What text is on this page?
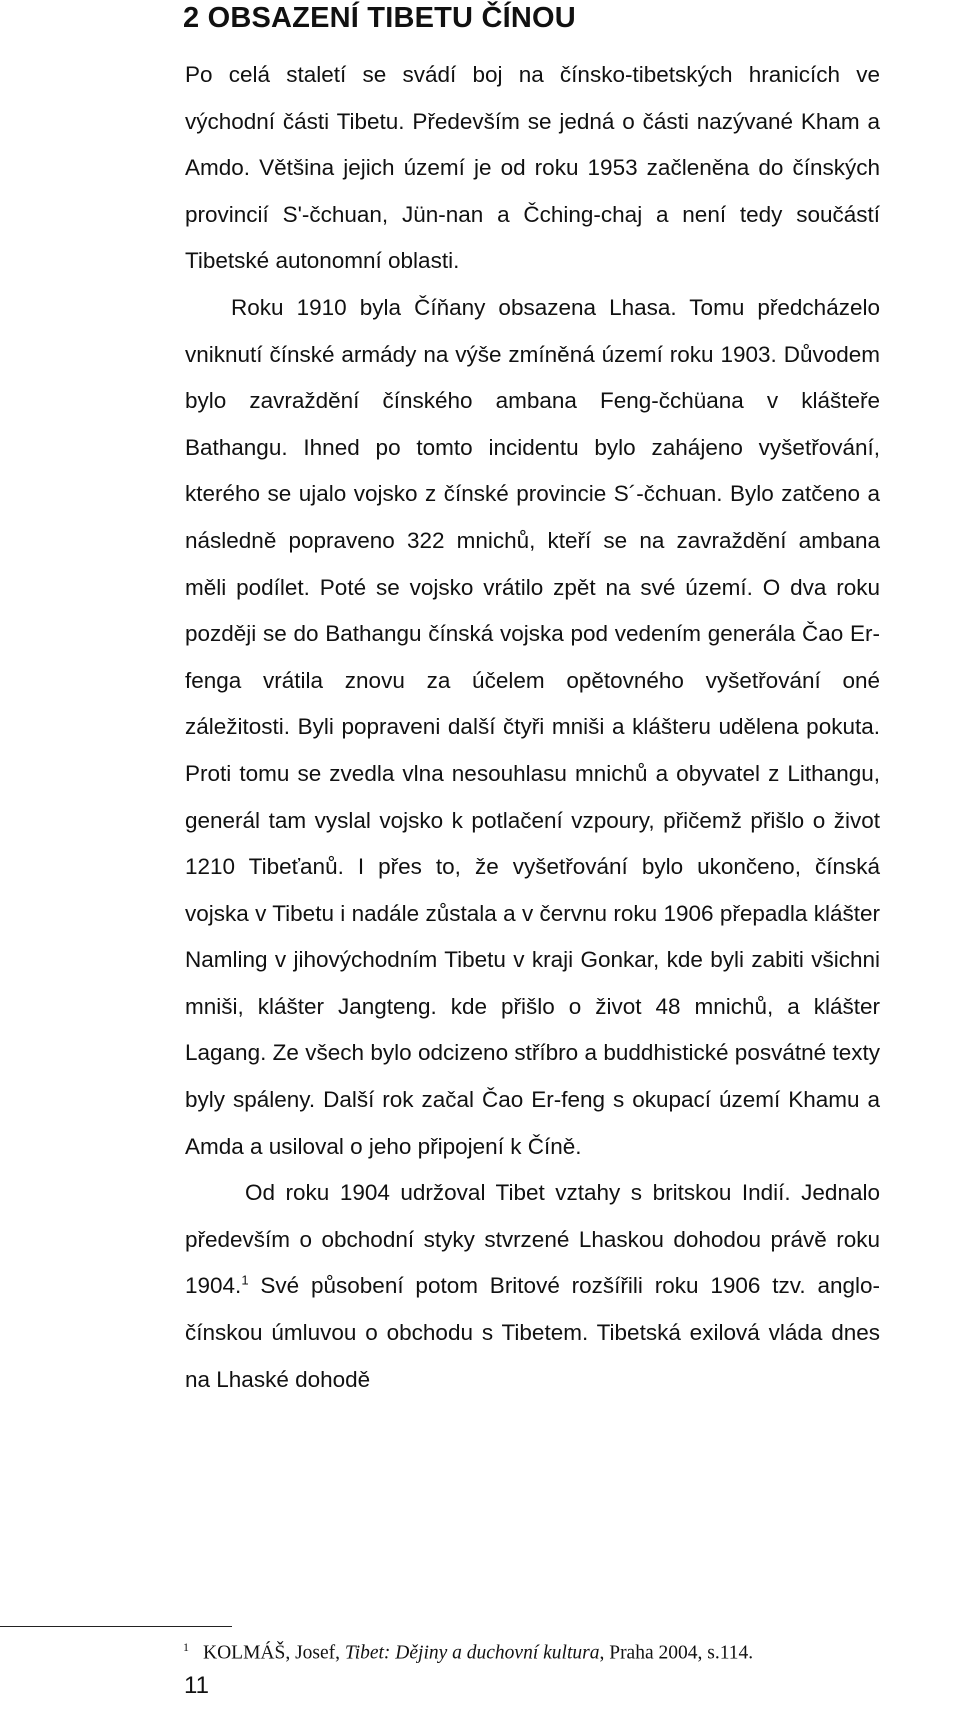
2 OBSAZENÍ TIBETU ČÍNOU

Po celá staletí se svádí boj na čínsko-tibetských hranicích ve východní části Tibetu. Především se jedná o části nazývané Kham a Amdo. Většina jejich území je od roku 1953 začleněna do čínských provincií S'-čchuan, Jün-nan a Čching-chaj a není tedy součástí Tibetské autonomní oblasti.

Roku 1910 byla Číňany obsazena Lhasa. Tomu předcházelo vniknutí čínské armády na výše zmíněná území roku 1903. Důvodem bylo zavraždění čínského ambana Feng-čchüana v klášteře Bathangu. Ihned po tomto incidentu bylo zahájeno vyšetřování, kterého se ujalo vojsko z čínské provincie S´-čchuan. Bylo zatčeno a následně popraveno 322 mnichů, kteří se na zavraždění ambana měli podílet. Poté se vojsko vrátilo zpět na své území. O dva roku později se do Bathangu čínská vojska pod vedením generála Čao Er-fenga vrátila znovu za účelem opětovného vyšetřování oné záležitosti. Byli popraveni další čtyři mniši a klášteru udělena pokuta. Proti tomu se zvedla vlna nesouhlasu mnichů a obyvatel z Lithangu, generál tam vyslal vojsko k potlačení vzpoury, přičemž přišlo o život 1210 Tibeťanů. I přes to, že vyšetřování bylo ukončeno, čínská vojska v Tibetu i nadále zůstala a v červnu roku 1906 přepadla klášter Namling v jihovýchodním Tibetu v kraji Gonkar, kde byli zabiti všichni mniši, klášter Jangteng. kde přišlo o život 48 mnichů, a klášter Lagang. Ze všech bylo odcizeno stříbro a buddhistické posvátné texty byly spáleny. Další rok začal Čao Er-feng s okupací území Khamu a Amda a usiloval o jeho připojení k Číně.

Od roku 1904 udržoval Tibet vztahy s britskou Indií. Jednalo především o obchodní styky stvrzené Lhaskou dohodou právě roku 1904.$^1$ Své působení potom Britové rozšířili roku 1906 tzv. anglo-čínskou úmluvou o obchodu s Tibetem. Tibetská exilová vláda dnes na Lhaské dohodě

$^1$ KOLMÁŠ, Josef, Tibet: Dějiny a duchovní kultura, Praha 2004, s.114.
11
